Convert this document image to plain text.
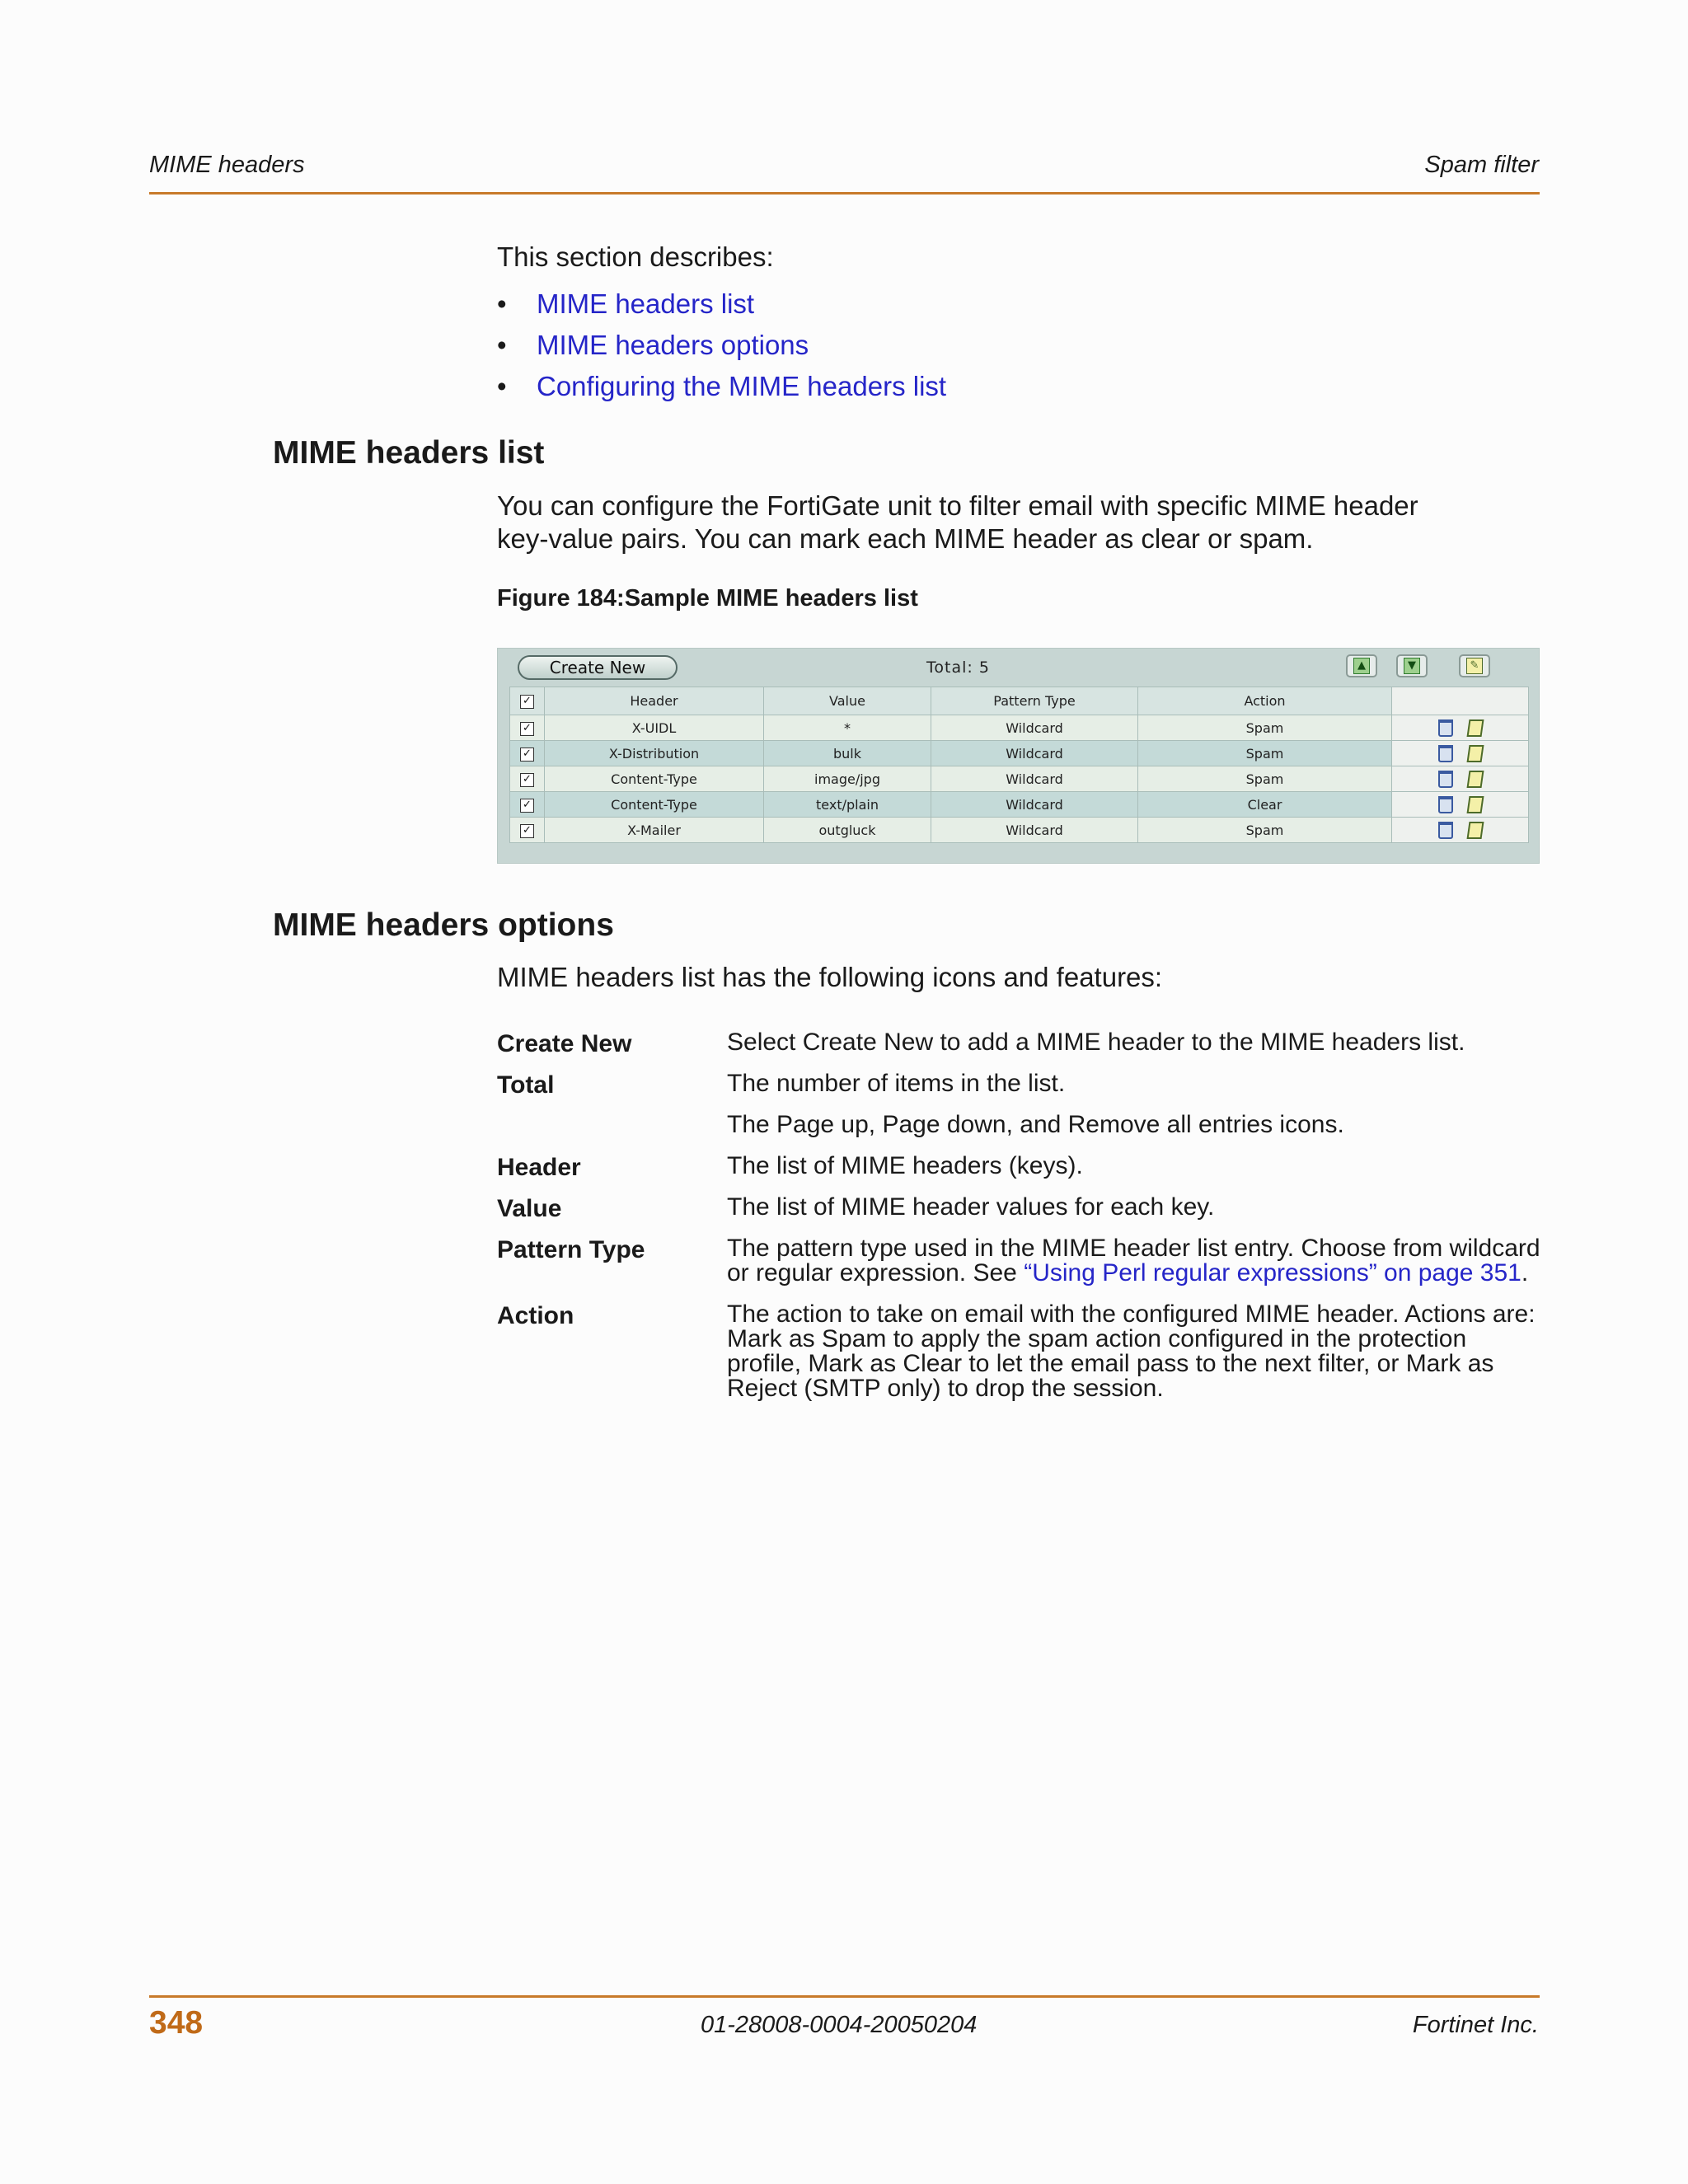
MIME headers	Spam filter
This section describes:
• MIME headers list
• MIME headers options
• Configuring the MIME headers list
MIME headers list
You can configure the FortiGate unit to filter email with specific MIME header
key-value pairs. You can mark each MIME header as clear or spam.
Figure 184:Sample MIME headers list
Create New	Total: 5	▲	▼	✎
✓	Header	Value	Pattern Type	Action	
✓	X-UIDL	*	Wildcard	Spam	
✓	X-Distribution	bulk	Wildcard	Spam	
✓	Content-Type	image/jpg	Wildcard	Spam	
✓	Content-Type	text/plain	Wildcard	Clear	
✓	X-Mailer	outgluck	Wildcard	Spam	
MIME headers options
MIME headers list has the following icons and features:
Create New	Select Create New to add a MIME header to the MIME headers list.
Total	The number of items in the list.
The Page up, Page down, and Remove all entries icons.
Header	The list of MIME headers (keys).
Value	The list of MIME header values for each key.
Pattern Type	The pattern type used in the MIME header list entry. Choose from wildcard
or regular expression. See “Using Perl regular expressions” on page 351.
Action	The action to take on email with the configured MIME header. Actions are:
Mark as Spam to apply the spam action configured in the protection
profile, Mark as Clear to let the email pass to the next filter, or Mark as
Reject (SMTP only) to drop the session.
348	01-28008-0004-20050204	Fortinet Inc.
